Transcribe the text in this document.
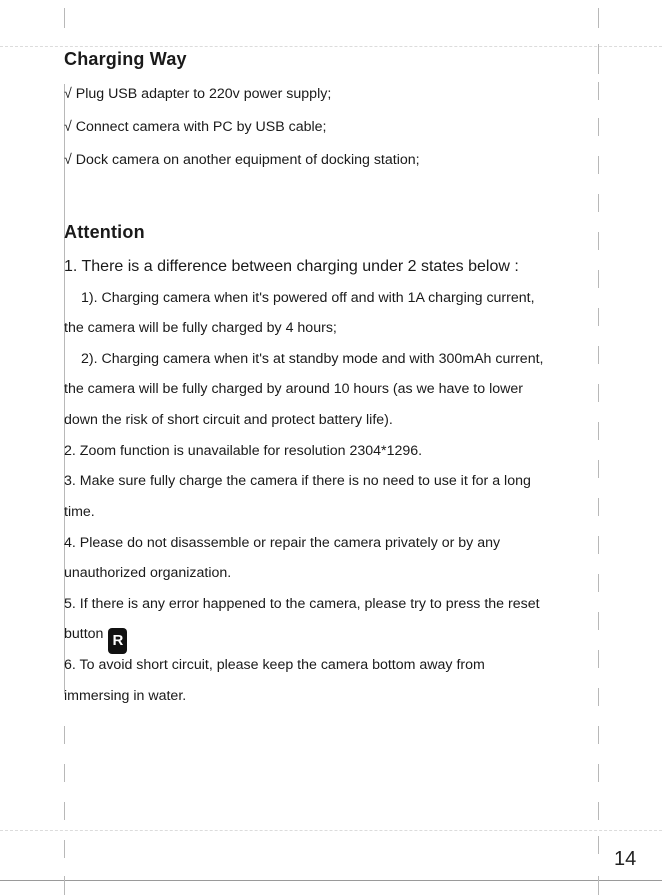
Charging Way
√ Plug USB adapter to 220v power supply;
√ Connect camera with PC by USB cable;
√ Dock camera on another equipment of docking station;
Attention
1. There is a difference between charging under 2 states below :
1). Charging camera when it's powered off and with 1A charging current,
the camera will be fully charged by 4 hours;
2). Charging camera when it's at standby mode and with 300mAh current,
the camera will be fully charged by around 10 hours (as we have to lower
down the risk of short circuit and protect battery life).
2. Zoom function is unavailable for resolution 2304*1296.
3. Make sure fully charge the camera if there is no need to use it for a long
time.
4. Please do not disassemble or repair the camera privately or by any
unauthorized organization.
5. If there is any error happened to the camera, please try to press the reset
button R
6. To avoid short circuit, please keep the camera bottom away from
immersing in water.
14
